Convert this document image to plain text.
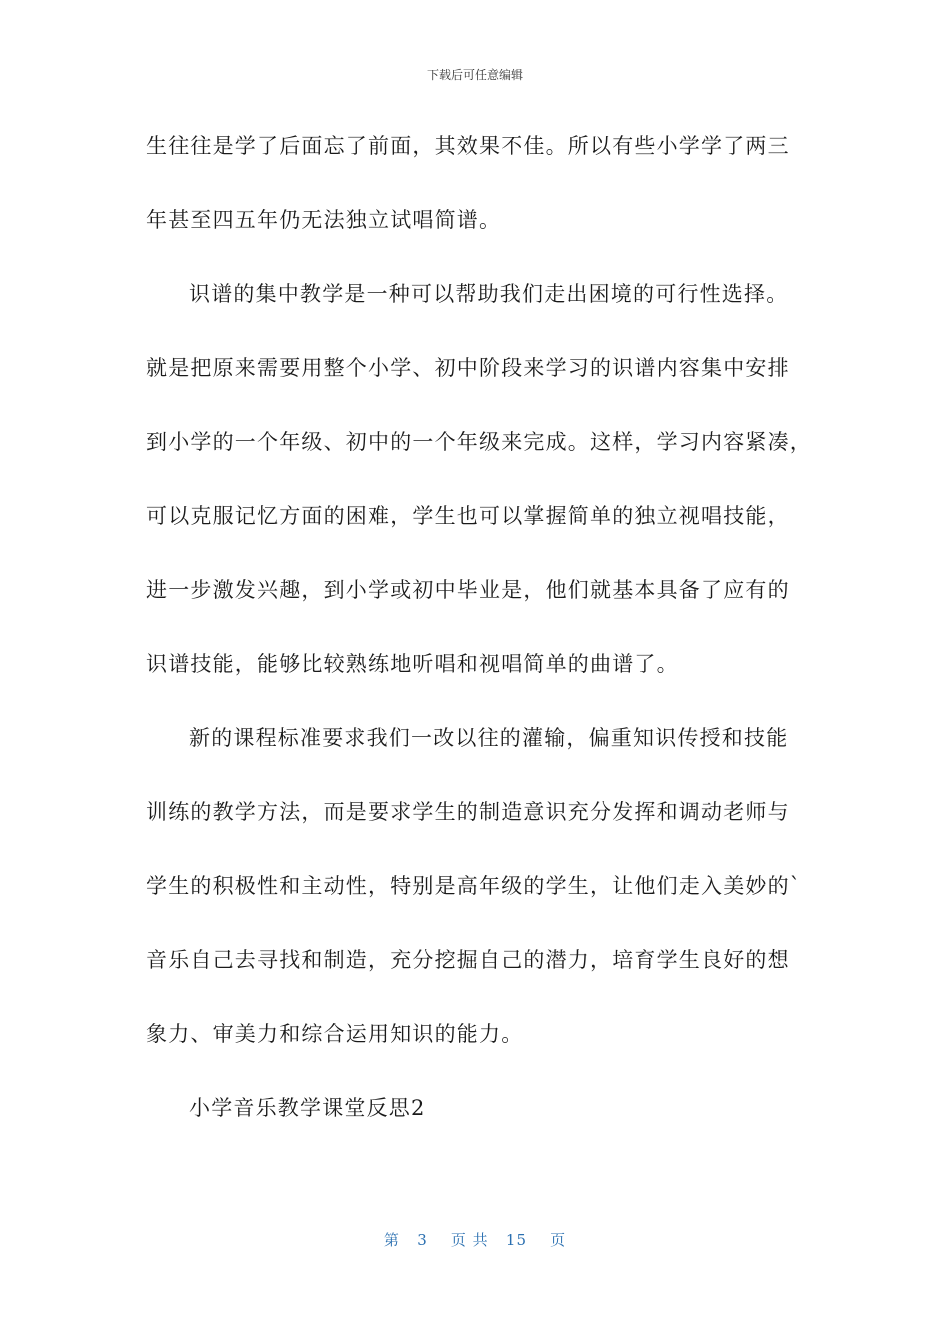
下载后可任意编辑
生往往是学了后面忘了前面，其效果不佳。所以有些小学学了两三
年甚至四五年仍无法独立试唱简谱。
识谱的集中教学是一种可以帮助我们走出困境的可行性选择。
就是把原来需要用整个小学、初中阶段来学习的识谱内容集中安排
到小学的一个年级、初中的一个年级来完成。这样，学习内容紧凑，
可以克服记忆方面的困难，学生也可以掌握简单的独立视唱技能，
进一步激发兴趣，到小学或初中毕业是，他们就基本具备了应有的
识谱技能，能够比较熟练地听唱和视唱简单的曲谱了。
新的课程标准要求我们一改以往的灌输，偏重知识传授和技能
训练的教学方法，而是要求学生的制造意识充分发挥和调动老师与
学生的积极性和主动性，特别是高年级的学生，让他们走入美妙的`
音乐自己去寻找和制造，充分挖掘自己的潜力，培育学生良好的想
象力、审美力和综合运用知识的能力。
小学音乐教学课堂反思2
第 3 页 共 15 页
